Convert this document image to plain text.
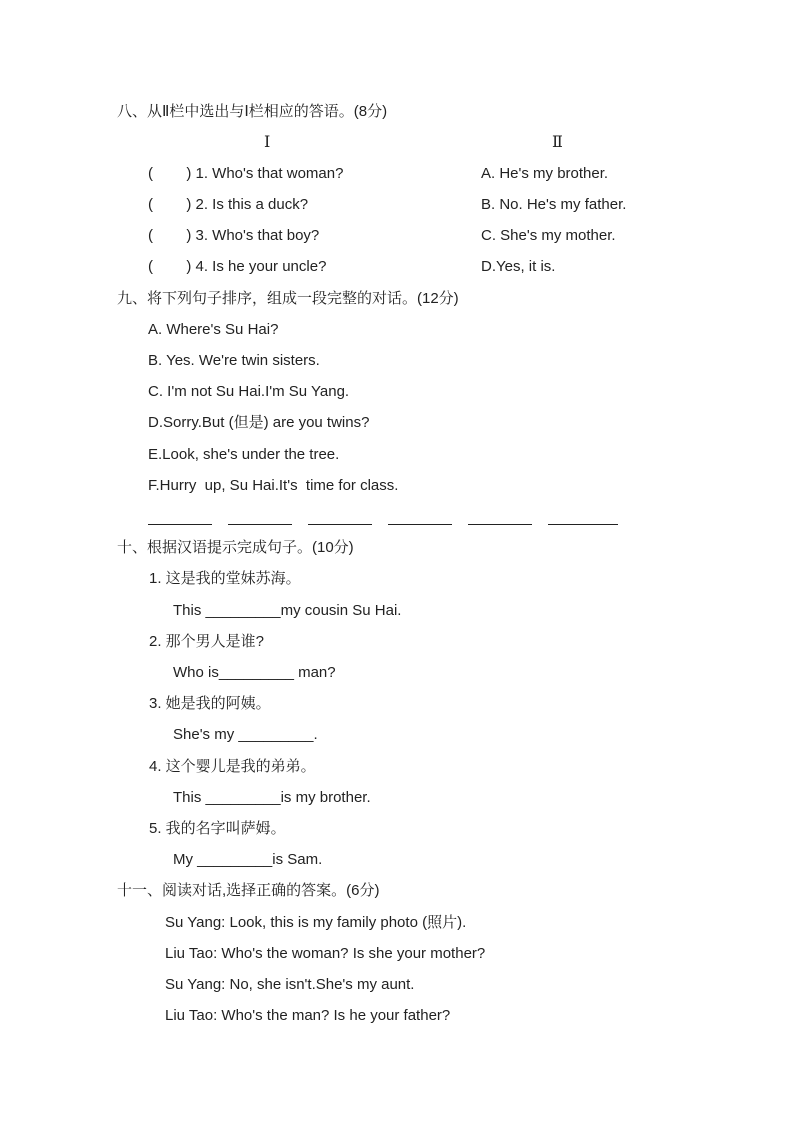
八、从Ⅱ栏中选出与Ⅰ栏相应的答语。(8分)
Ⅰ	Ⅱ
(        ) 1. Who's that woman?
(        ) 2. Is this a duck?
(        ) 3. Who's that boy?
(        ) 4. Is he your uncle?
A. He's my brother.
B. No. He's my father.
C. She's my mother.
D.Yes, it is.
九、将下列句子排序，组成一段完整的对话。(12分)
A. Where's Su Hai?
B. Yes. We're twin sisters.
C. I'm not Su Hai.I'm Su Yang.
D.Sorry.But (但是) are you twins?
E.Look, she's under the tree.
F.Hurry  up, Su Hai.It's  time for class.
十、根据汉语提示完成句子。(10分)
1. 这是我的堂妹苏海。
This _________my cousin Su Hai.
2. 那个男人是谁?
Who is_________ man?
3. 她是我的阿姨。
She's my _________.
4. 这个婴儿是我的弟弟。
This _________is my brother.
5. 我的名字叫萨姆。
My _________is Sam.
十一、阅读对话,选择正确的答案。(6分)
Su Yang: Look, this is my family photo (照片).
Liu Tao: Who's the woman? Is she your mother?
Su Yang: No, she isn't.She's my aunt.
Liu Tao: Who's the man? Is he your father?
